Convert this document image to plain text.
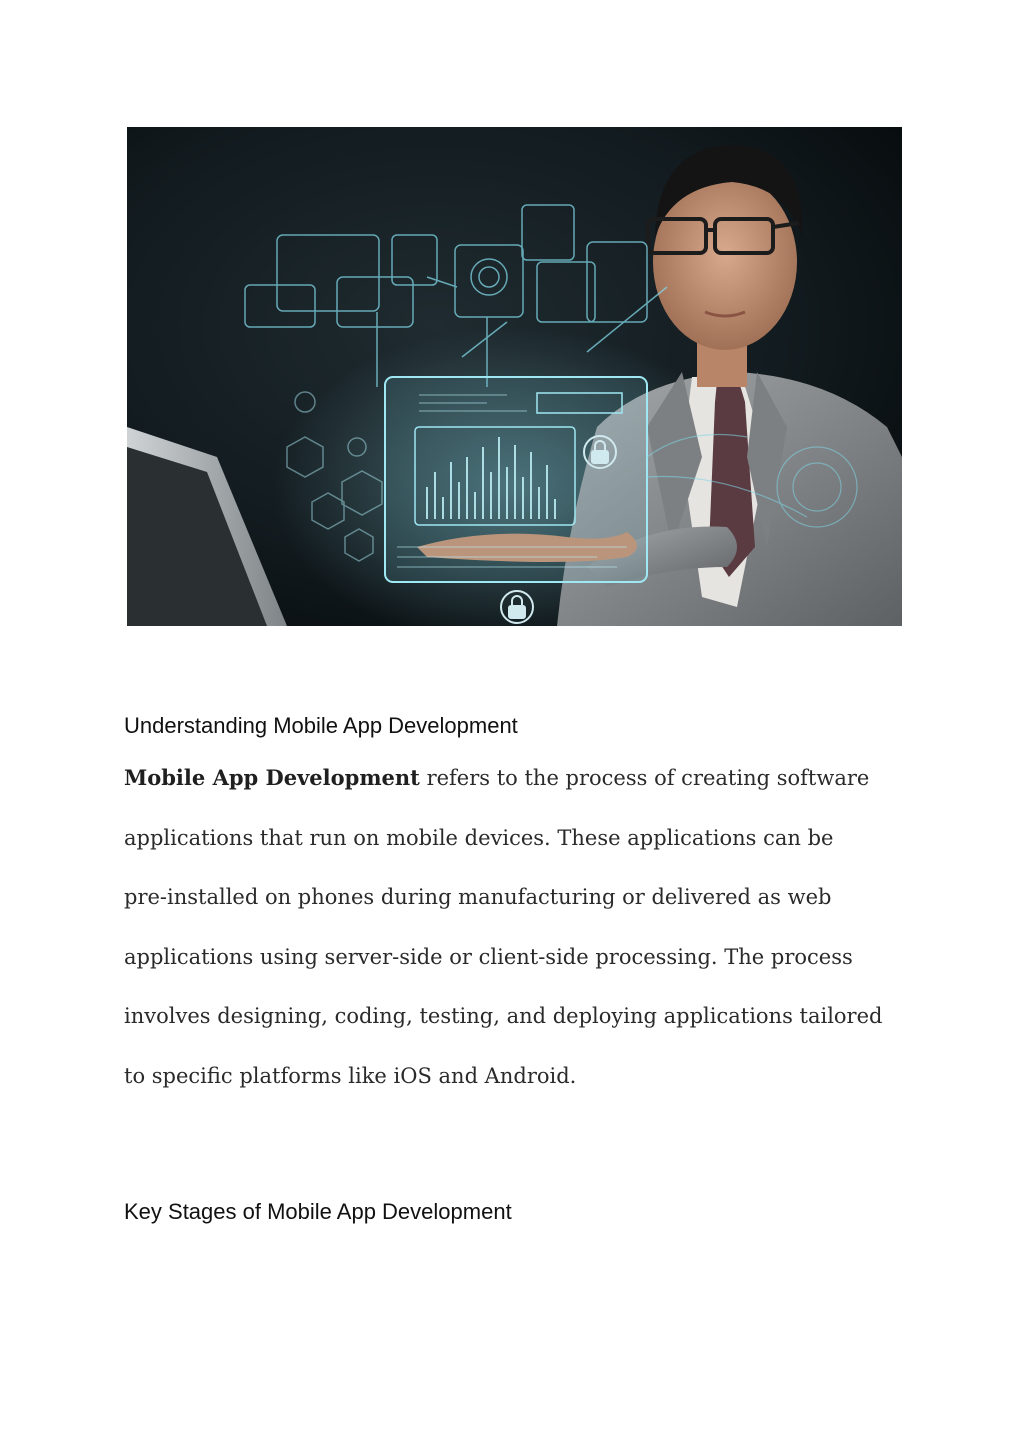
Understanding Mobile App Development

Mobile App Development refers to the process of creating software
applications that run on mobile devices. These applications can be
pre-installed on phones during manufacturing or delivered as web
applications using server-side or client-side processing. The process
involves designing, coding, testing, and deploying applications tailored
to specific platforms like iOS and Android.

Key Stages of Mobile App Development
